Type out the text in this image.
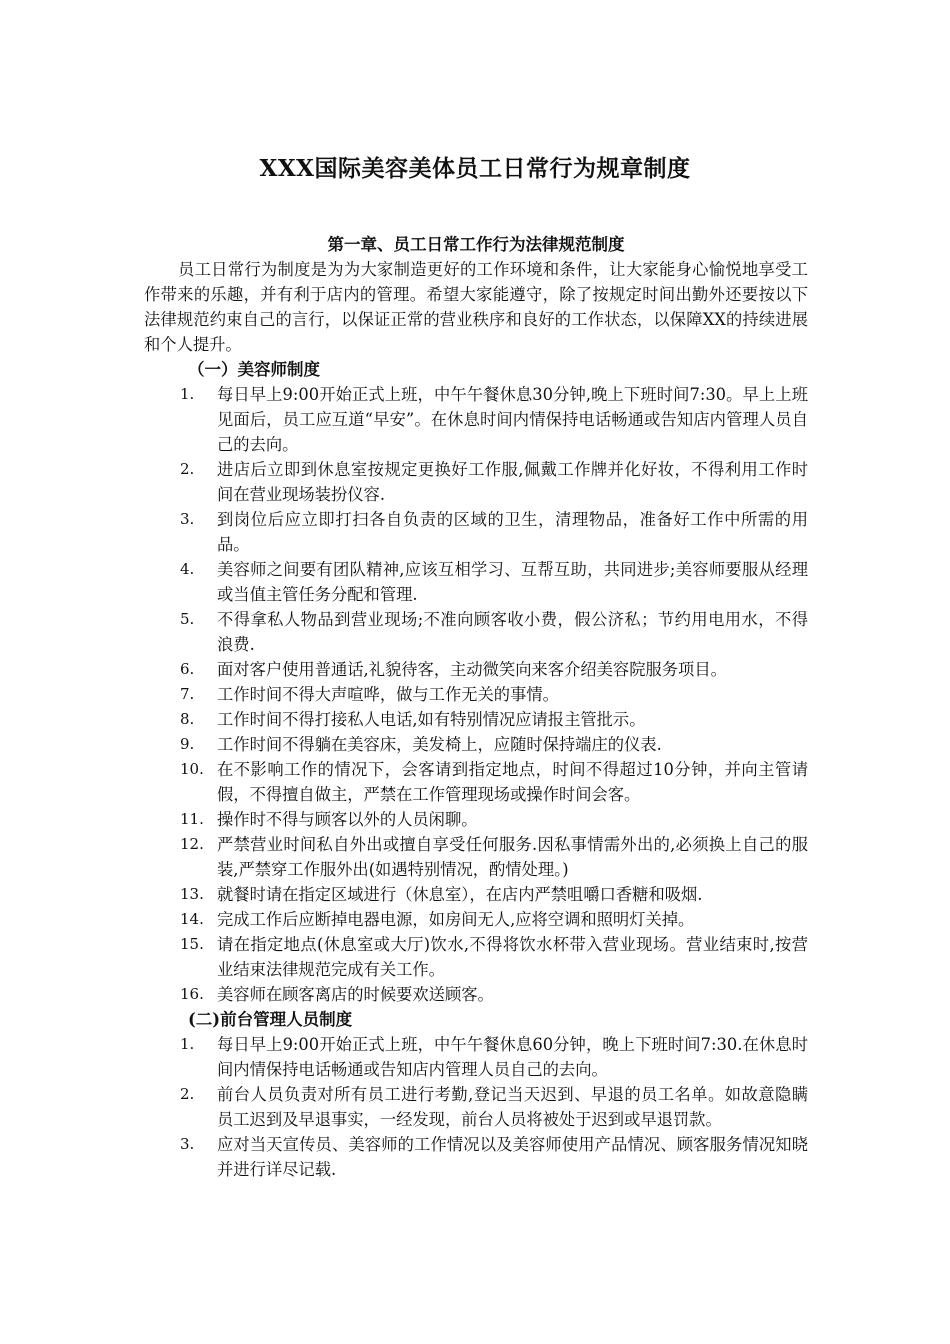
XXX国际美容美体员工日常行为规章制度

第一章、员工日常工作行为法律规范制度

员工日常行为制度是为为大家制造更好的工作环境和条件，让大家能身心愉悦地享受工作带来的乐趣，并有利于店内的管理。希望大家能遵守，除了按规定时间出勤外还要按以下法律规范约束自己的言行，以保证正常的营业秩序和良好的工作状态，以保障XX的持续进展和个人提升。

（一）美容师制度

1. 每日早上9:00开始正式上班，中午午餐休息30分钟,晚上下班时间7:30。早上上班见面后，员工应互道“早安”。在休息时间内情保持电话畅通或告知店内管理人员自己的去向。
2. 进店后立即到休息室按规定更换好工作服,佩戴工作牌并化好妆，不得利用工作时间在营业现场装扮仪容.
3. 到岗位后应立即打扫各自负责的区域的卫生，清理物品，准备好工作中所需的用品。
4. 美容师之间要有团队精神,应该互相学习、互帮互助，共同进步;美容师要服从经理或当值主管任务分配和管理.
5. 不得拿私人物品到营业现场;不准向顾客收小费，假公济私；节约用电用水，不得浪费.
6. 面对客户使用普通话,礼貌待客，主动微笑向来客介绍美容院服务项目。
7. 工作时间不得大声喧哗，做与工作无关的事情。
8. 工作时间不得打接私人电话,如有特别情况应请报主管批示。
9. 工作时间不得躺在美容床，美发椅上，应随时保持端庄的仪表.
10. 在不影响工作的情况下，会客请到指定地点，时间不得超过10分钟，并向主管请假，不得擅自做主，严禁在工作管理现场或操作时间会客。
11. 操作时不得与顾客以外的人员闲聊。
12. 严禁营业时间私自外出或擅自享受任何服务.因私事情需外出的,必须换上自己的服装,严禁穿工作服外出(如遇特别情况，酌情处理。)
13. 就餐时请在指定区域进行（休息室），在店内严禁咀嚼口香糖和吸烟.
14. 完成工作后应断掉电器电源，如房间无人,应将空调和照明灯关掉。
15. 请在指定地点(休息室或大厅)饮水,不得将饮水杯带入营业现场。营业结束时,按营业结束法律规范完成有关工作。
16. 美容师在顾客离店的时候要欢送顾客。

(二)前台管理人员制度

1. 每日早上9:00开始正式上班，中午午餐休息60分钟，晚上下班时间7:30.在休息时间内情保持电话畅通或告知店内管理人员自己的去向。
2. 前台人员负责对所有员工进行考勤,登记当天迟到、早退的员工名单。如故意隐瞒员工迟到及早退事实，一经发现，前台人员将被处于迟到或早退罚款。
3. 应对当天宣传员、美容师的工作情况以及美容师使用产品情况、顾客服务情况知晓并进行详尽记载.
